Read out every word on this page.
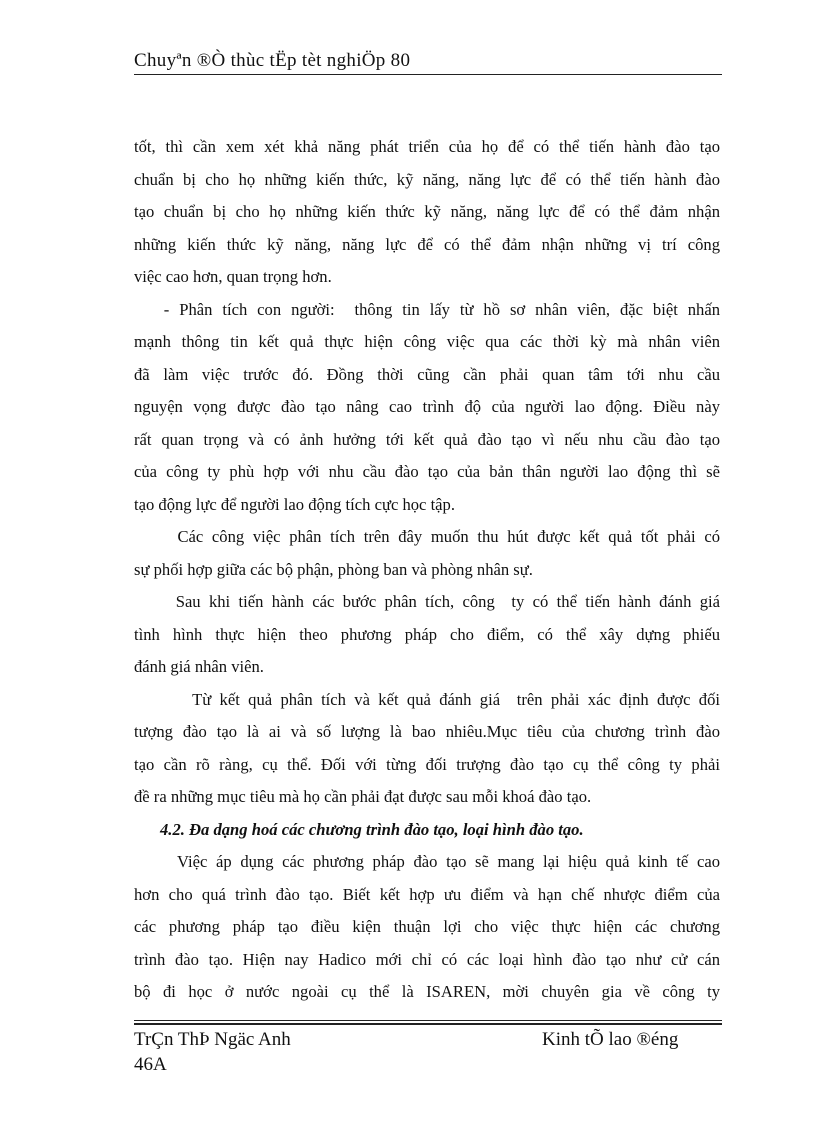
Chuyªn ®Ò thùc tËp tèt nghiÖp 80
tốt, thì cần xem xét khả năng phát triển của họ để có thể tiến hành đào tạo
chuẩn bị cho họ những kiến thức, kỹ năng, năng lực để có thể tiến hành đào
tạo chuẩn bị cho họ những kiến thức kỹ năng, năng lực để có thể đảm nhận
những kiến thức kỹ năng, năng lực để có thể đảm nhận những vị trí công
việc cao hơn, quan trọng hơn.
- Phân tích con người:  thông tin lấy từ hồ sơ nhân viên, đặc biệt nhấn
mạnh thông tin kết quả thực hiện công việc qua các thời kỳ mà nhân viên
đã làm việc trước đó. Đồng thời cũng cần phải quan tâm tới nhu cầu
nguyện vọng được đào tạo nâng cao trình độ của người lao động. Điều này
rất quan trọng và có ảnh hưởng tới kết quả đào tạo vì nếu nhu cầu đào tạo
của công ty phù hợp với nhu cầu đào tạo của bản thân người lao động thì sẽ
tạo động lực để người lao động tích cực học tập.
Các công việc phân tích trên đây muốn thu hút được kết quả tốt phải có
sự phối hợp giữa các bộ phận, phòng ban và phòng nhân sự.
Sau khi tiến hành các bước phân tích, công  ty có thể tiến hành đánh giá
tình hình thực hiện theo phương pháp cho điểm, có thể xây dựng phiếu
đánh giá nhân viên.
Từ kết quả phân tích và kết quả đánh giá  trên phải xác định được đối
tượng đào tạo là ai và số lượng là bao nhiêu.Mục tiêu của chương trình đào
tạo cần rõ ràng, cụ thể. Đối với từng đối trượng đào tạo cụ thể công ty phải
đề ra những mục tiêu mà họ cần phải đạt được sau mỗi khoá đào tạo.
4.2. Đa dạng hoá các chương trình đào tạo, loại hình đào tạo.
Việc áp dụng các phương pháp đào tạo sẽ mang lại hiệu quả kinh tế cao
hơn cho quá trình đào tạo. Biết kết hợp ưu điểm và hạn chế nhược điểm của
các phương pháp tạo điều kiện thuận lợi cho việc thực hiện các chương
trình đào tạo. Hiện nay Hadico mới chỉ có các loại hình đào tạo như cử cán
bộ đi học ở nước ngoài cụ thể là ISAREN, mời chuyên gia về công ty
TrÇn ThÞ Ngäc Anh
46A
Kinh tÕ lao ®éng
